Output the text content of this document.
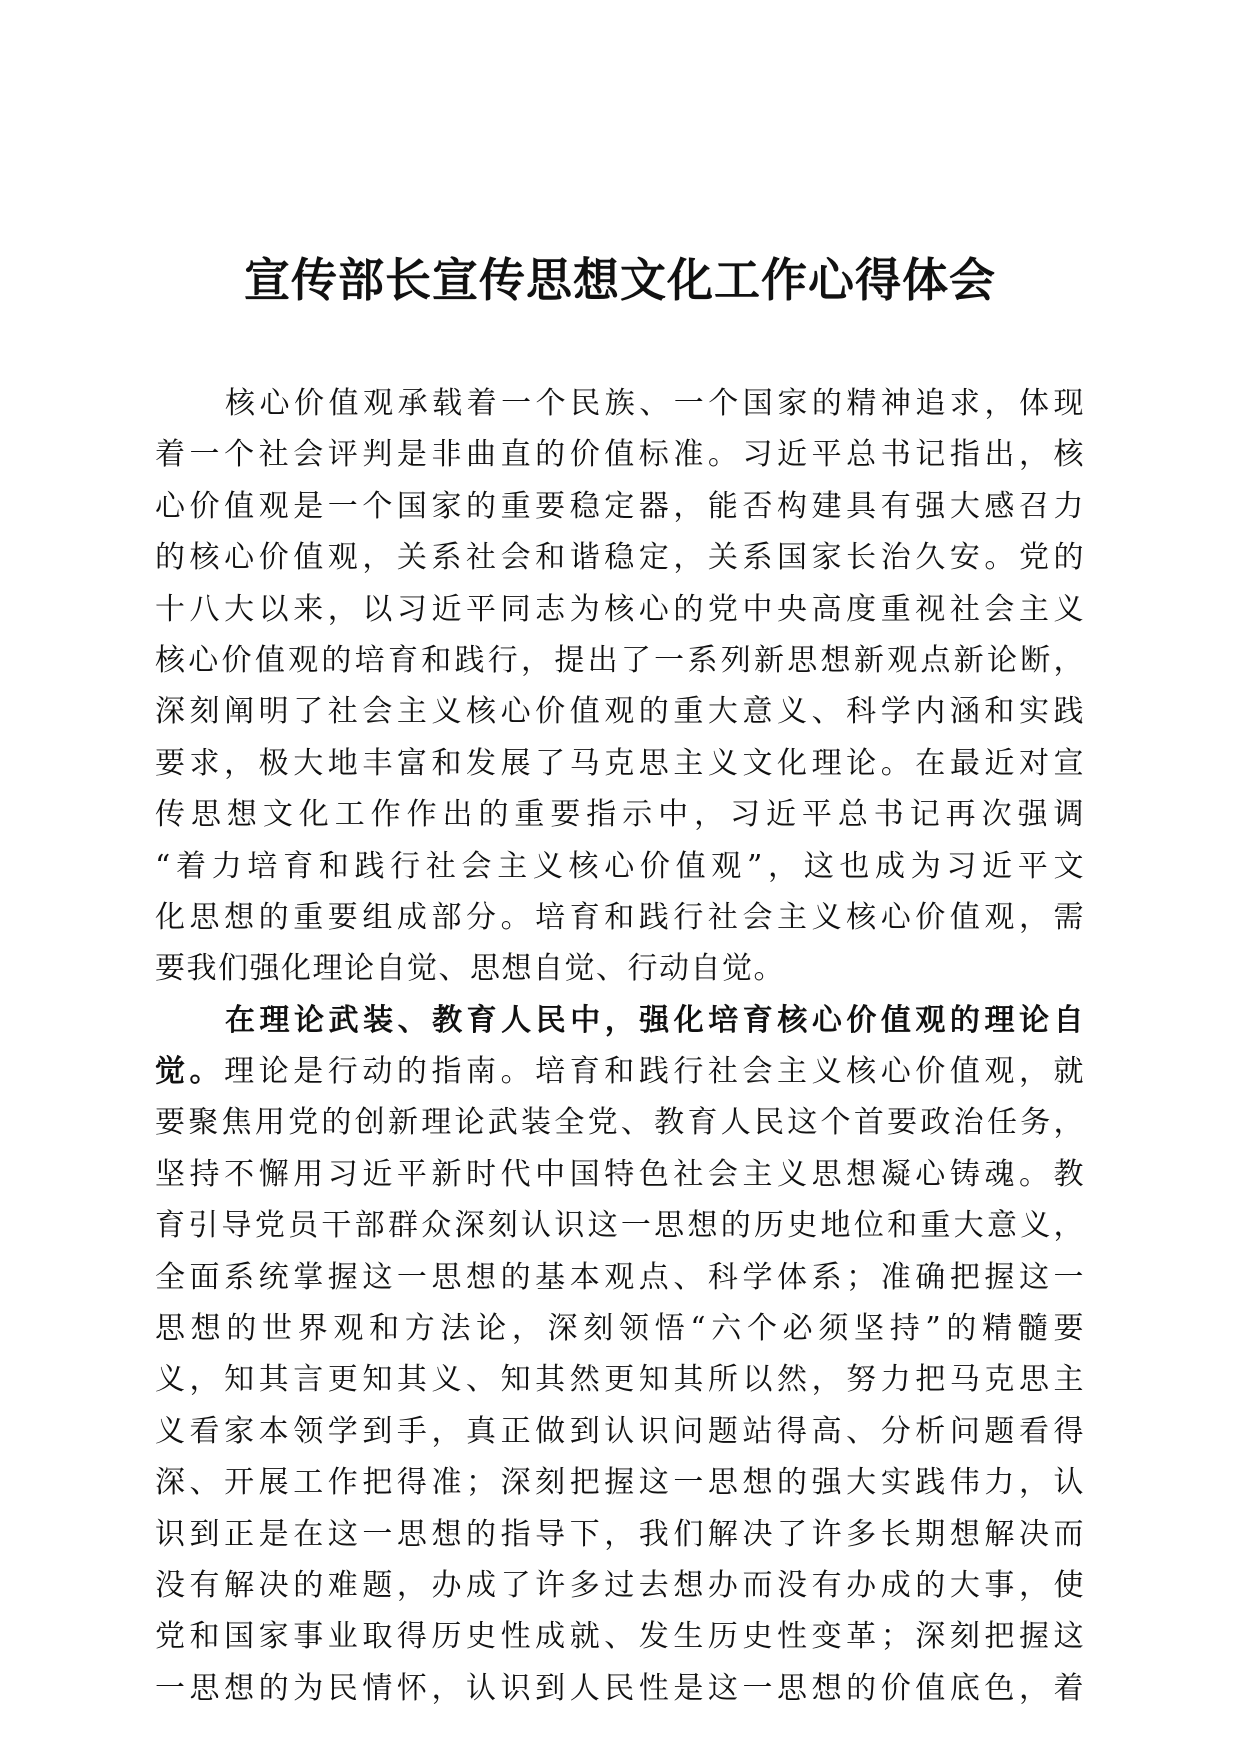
宣传部长宣传思想文化工作心得体会
核心价值观承载着一个民族、一个国家的精神追求，体现
着一个社会评判是非曲直的价值标准。习近平总书记指出，核
心价值观是一个国家的重要稳定器，能否构建具有强大感召力
的核心价值观，关系社会和谐稳定，关系国家长治久安。党的
十八大以来，以习近平同志为核心的党中央高度重视社会主义
核心价值观的培育和践行，提出了一系列新思想新观点新论断，
深刻阐明了社会主义核心价值观的重大意义、科学内涵和实践
要求，极大地丰富和发展了马克思主义文化理论。在最近对宣
传思想文化工作作出的重要指示中，习近平总书记再次强调
“着力培育和践行社会主义核心价值观”，这也成为习近平文
化思想的重要组成部分。培育和践行社会主义核心价值观，需
要我们强化理论自觉、思想自觉、行动自觉。
在理论武装、教育人民中，强化培育核心价值观的理论自
觉。理论是行动的指南。培育和践行社会主义核心价值观，就
要聚焦用党的创新理论武装全党、教育人民这个首要政治任务，
坚持不懈用习近平新时代中国特色社会主义思想凝心铸魂。教
育引导党员干部群众深刻认识这一思想的历史地位和重大意义，
全面系统掌握这一思想的基本观点、科学体系；准确把握这一
思想的世界观和方法论，深刻领悟“六个必须坚持”的精髓要
义，知其言更知其义、知其然更知其所以然，努力把马克思主
义看家本领学到手，真正做到认识问题站得高、分析问题看得
深、开展工作把得准；深刻把握这一思想的强大实践伟力，认
识到正是在这一思想的指导下，我们解决了许多长期想解决而
没有解决的难题，办成了许多过去想办而没有办成的大事，使
党和国家事业取得历史性成就、发生历史性变革；深刻把握这
一思想的为民情怀，认识到人民性是这一思想的价值底色，着
